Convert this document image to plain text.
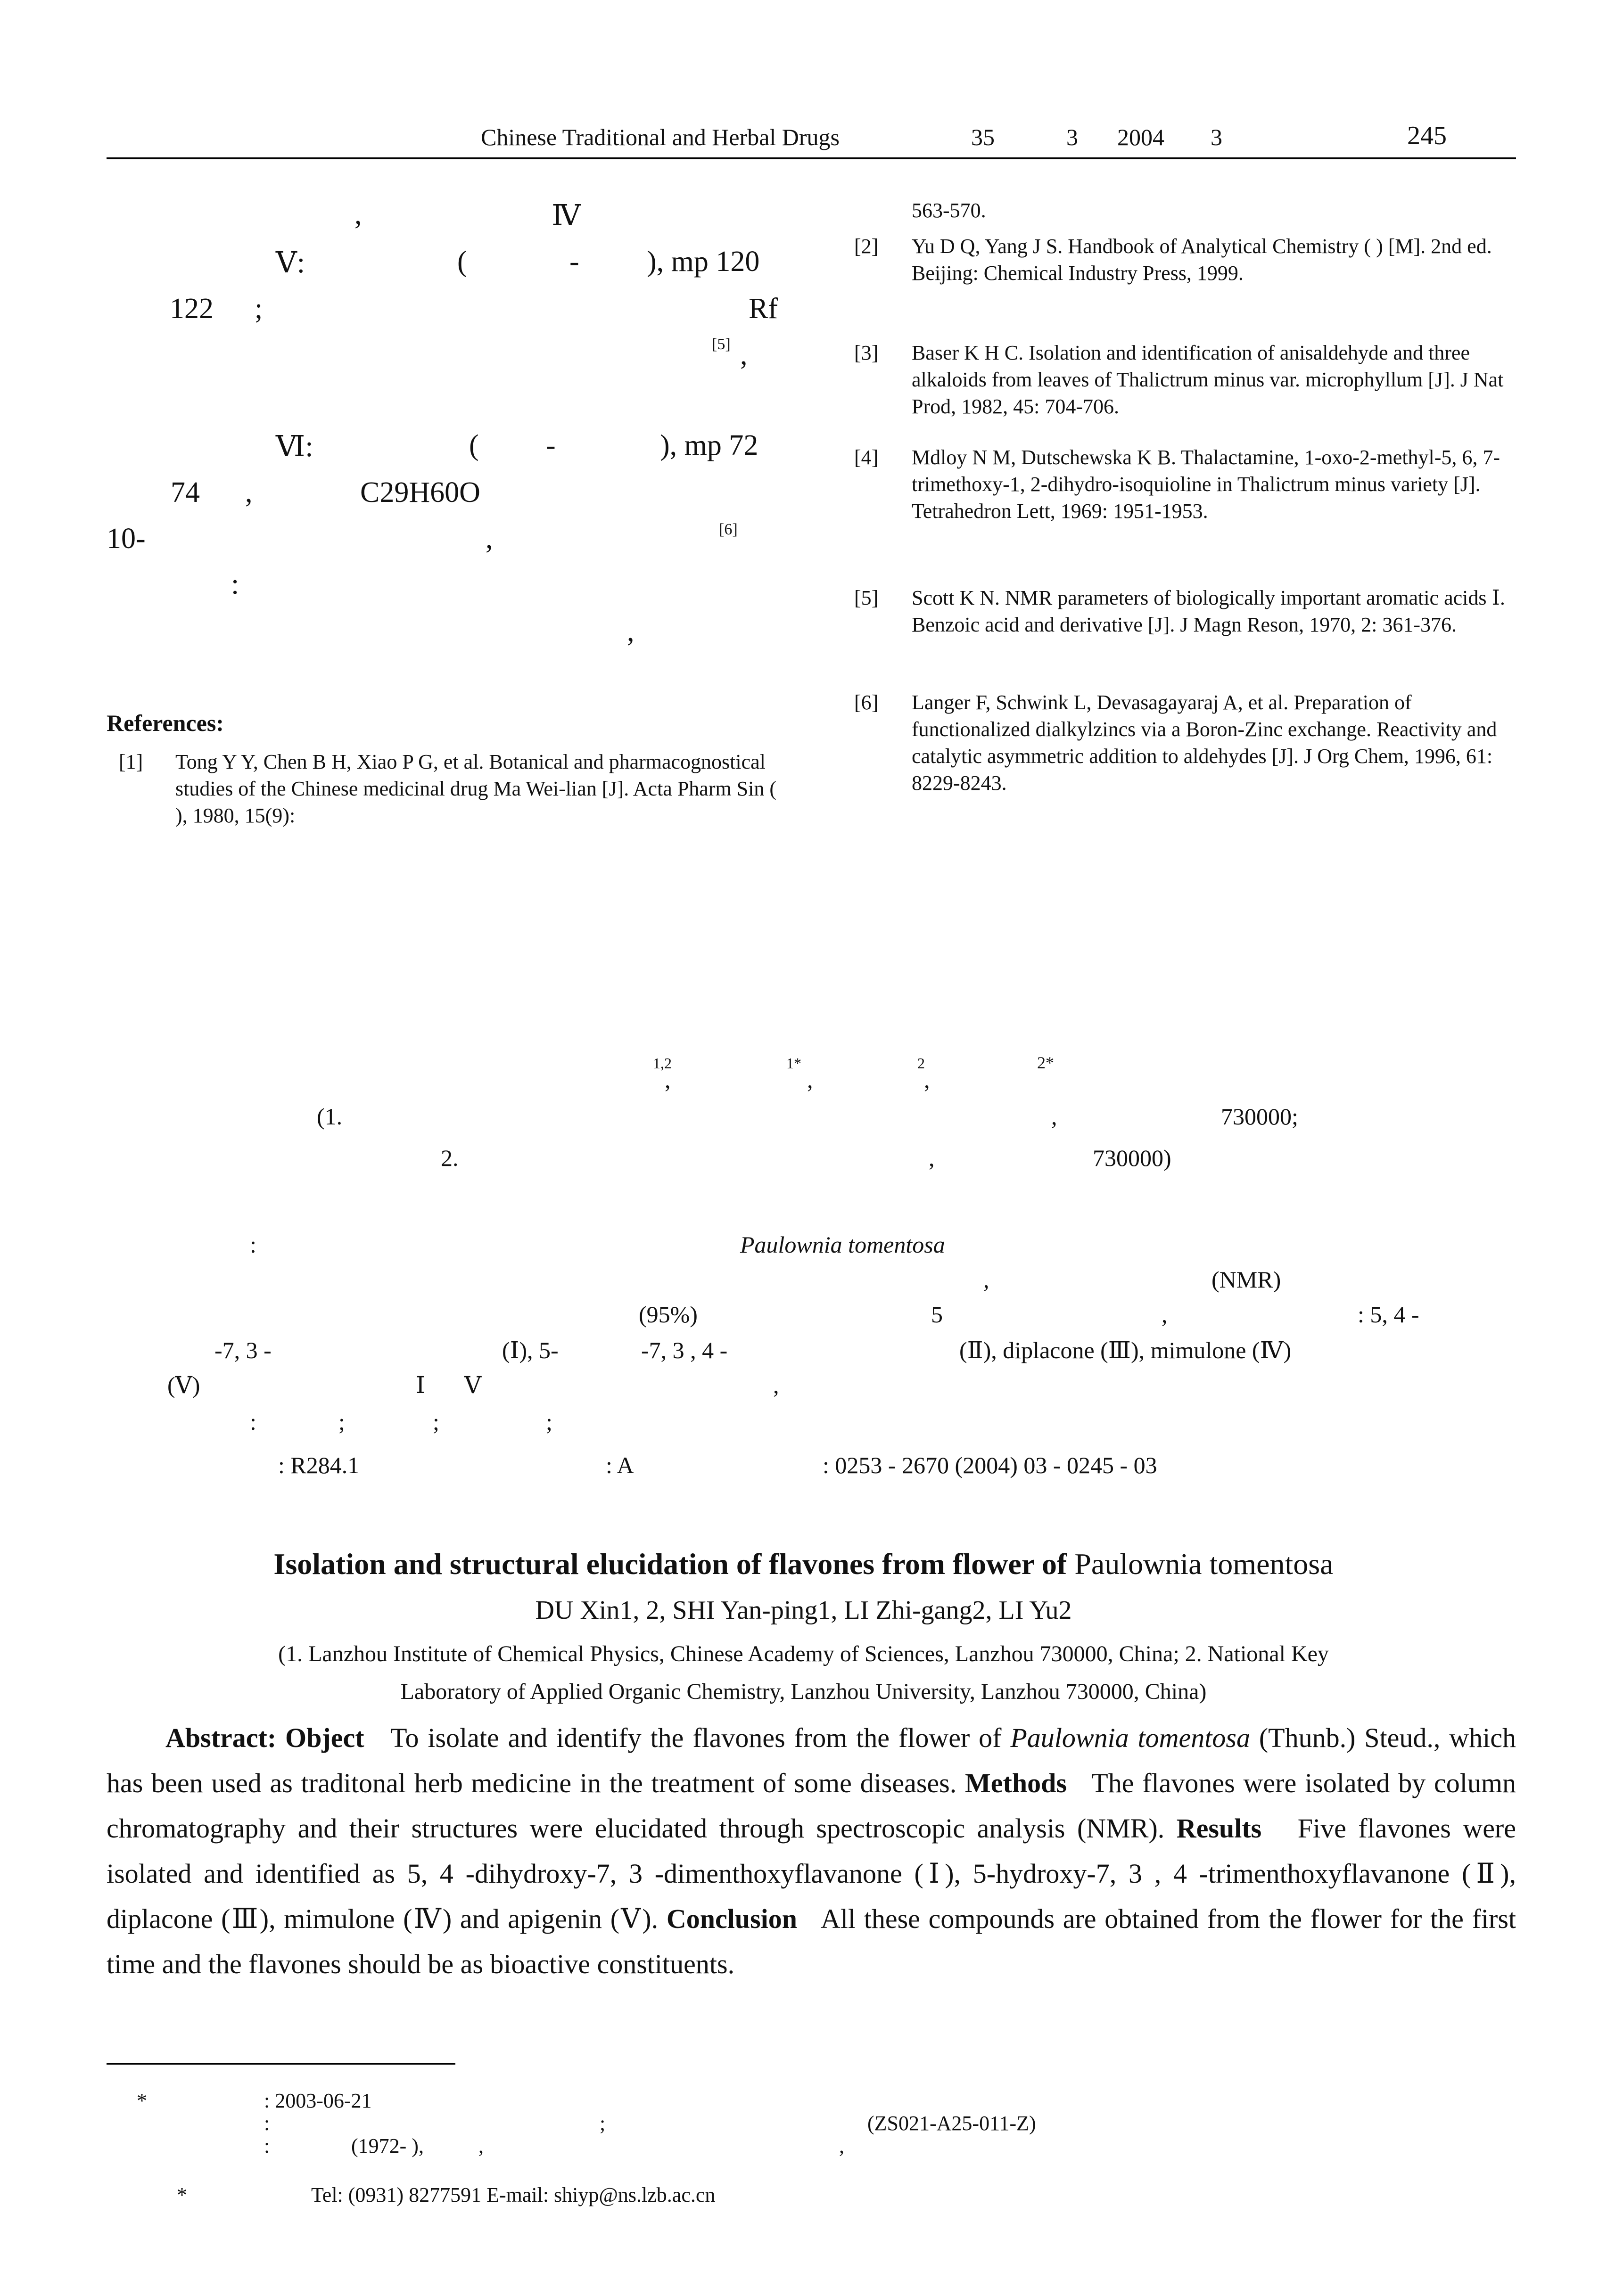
Chinese Traditional and Herbal Drugs	35	3 2004 3	245
,	Ⅳ
Ⅴ:	(	- ), mp 120
122 ;	Rf
[5] ,
Ⅵ:	( -	), mp 72
74 ,	C29H60O
10-	,	[6]
:
,
References:
[1] Tong Y Y, Chen B H, Xiao P G, et al. Botanical and pharmacognostical studies of the Chinese medicinal drug Ma Wei-lian [J]. Acta Pharm Sin ( ), 1980, 15(9):
563-570.
[2] Yu D Q, Yang J S. Handbook of Analytical Chemistry ( ) [M]. 2nd ed. Beijing: Chemical Industry Press, 1999.
[3] Baser K H C. Isolation and identification of anisaldehyde and three alkaloids from leaves of Thalictrum minus var. microphyllum [J]. J Nat Prod, 1982, 45: 704-706.
[4] Mdloy N M, Dutschewska K B. Thalactamine, 1-oxo-2-methyl-5, 6, 7-trimethoxy-1, 2-dihydro-isoquioline in Thalictrum minus variety [J]. Tetrahedron Lett, 1969: 1951-1953.
[5] Scott K N. NMR parameters of biologically important aromatic acids Ⅰ. Benzoic acid and derivative [J]. J Magn Reson, 1970, 2: 361-376.
[6] Langer F, Schwink L, Devasagayaraj A, et al. Preparation of functionalized dialkylzincs via a Boron-Zinc exchange. Reactivity and catalytic asymmetric addition to aldehydes [J]. J Org Chem, 1996, 61: 8229-8243.
1,2
,
1*
,
2
,
2*
(1.	,	730000;
2.	,	730000)
:	Paulownia tomentosa
,	(NMR)
(95%)	5	,	: 5, 4 -
-7, 3 -	(Ⅰ), 5-	-7, 3 , 4 -	(Ⅱ), diplacone (Ⅲ), mimulone (Ⅳ)
(Ⅴ)	Ⅰ Ⅴ	,
:	;	;	;
: R284.1	: A	: 0253 - 2670 (2004) 03 - 0245 - 03
Isolation and structural elucidation of flavones from flower of Paulownia tomentosa
DU Xin1, 2, SHI Yan-ping1, LI Zhi-gang2, LI Yu2
(1. Lanzhou Institute of Chemical Physics, Chinese Academy of Sciences, Lanzhou 730000, China; 2. National Key
Laboratory of Applied Organic Chemistry, Lanzhou University, Lanzhou 730000, China)
Abstract: Object To isolate and identify the flavones from the flower of Paulownia tomentosa (Thunb.) Steud., which has been used as traditonal herb medicine in the treatment of some diseases. Methods The flavones were isolated by column chromatography and their structures were elucidated through spectroscopic analysis (NMR). Results Five flavones were isolated and identified as 5, 4 -dihydroxy-7, 3 -dimenthoxyflavanone (Ⅰ), 5-hydroxy-7, 3 , 4 -trimenthoxyflavanone (Ⅱ), diplacone (Ⅲ), mimulone (Ⅳ) and apigenin (Ⅴ). Conclusion All these compounds are obtained from the flower for the first time and the flavones should be as bioactive constituents.
*	: 2003-06-21
:	;	(ZS021-A25-011-Z)
:	(1972- ),	,	,
*	Tel: (0931) 8277591 E-mail: shiyp@ns.lzb.ac.cn
